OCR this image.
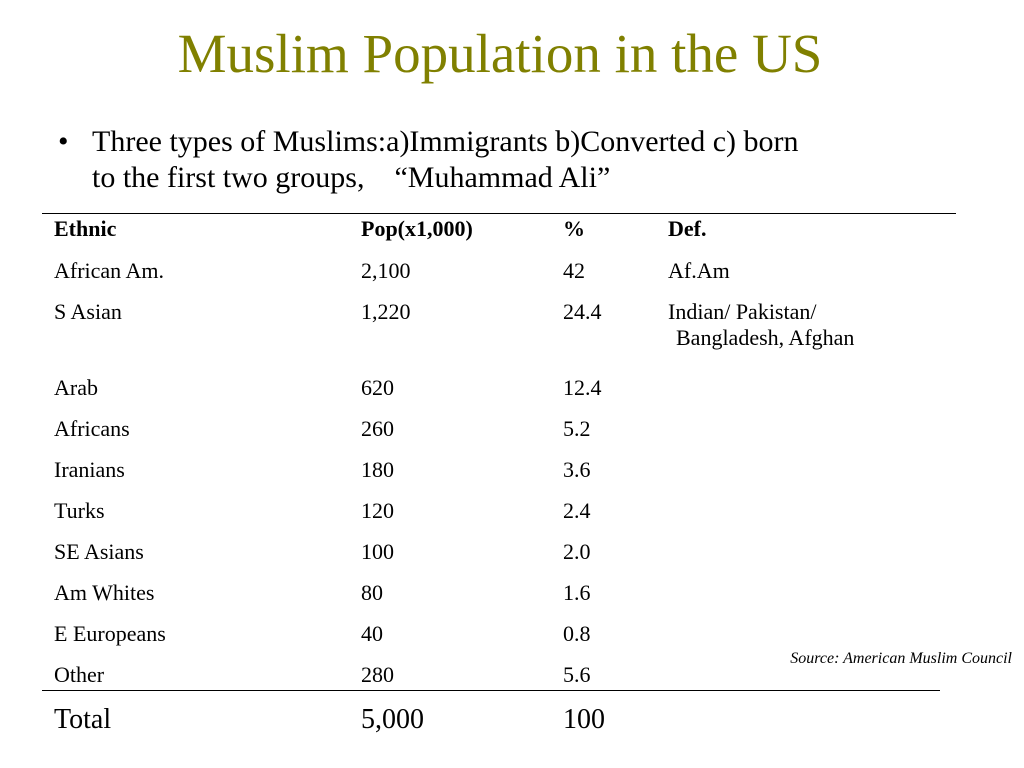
Muslim Population in the US
• Three types of Muslims:a)Immigrants b)Converted c) born
to the first two groups,    “Muhammad Ali”
Ethnic	Pop(x1,000)	%	Def.
African Am.	2,100	42	Af.Am
S Asian	1,220	24.4	Indian/ Pakistan/
Bangladesh, Afghan
Arab	620	12.4
Africans	260	5.2
Iranians	180	3.6
Turks	120	2.4
SE Asians	100	2.0
Am Whites	80	1.6
E Europeans	40	0.8
Other	280	5.6
Total	5,000	100
Source: American Muslim Council
